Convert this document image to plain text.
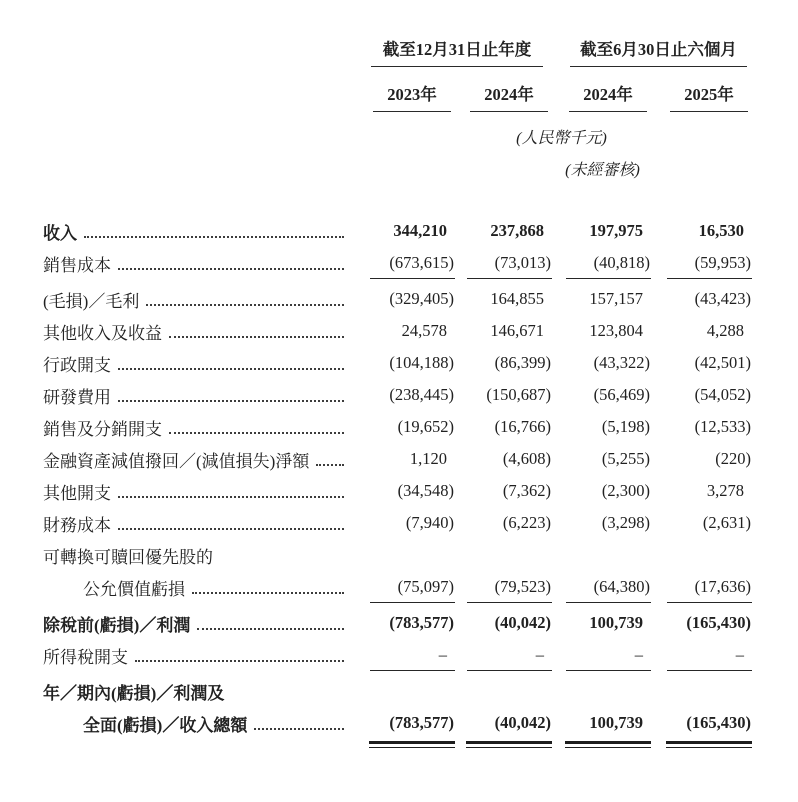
截至12月31日止年度	截至6月30日止六個月
2023年	2024年	2024年	2025年
(人民幣千元)
(未經審核)
收入	344,210	237,868	197,975	16,530
銷售成本	(673,615)	(73,013)	(40,818)	(59,953)
(毛損)／毛利	(329,405)	164,855	157,157	(43,423)
其他收入及收益	24,578	146,671	123,804	4,288
行政開支	(104,188)	(86,399)	(43,322)	(42,501)
研發費用	(238,445)	(150,687)	(56,469)	(54,052)
銷售及分銷開支	(19,652)	(16,766)	(5,198)	(12,533)
金融資產減值撥回／(減值損失)淨額	1,120	(4,608)	(5,255)	(220)
其他開支	(34,548)	(7,362)	(2,300)	3,278
財務成本	(7,940)	(6,223)	(3,298)	(2,631)
可轉換可贖回優先股的
公允價值虧損	(75,097)	(79,523)	(64,380)	(17,636)
除稅前(虧損)／利潤	(783,577)	(40,042)	100,739	(165,430)
所得稅開支	–	–	–	–
年／期內(虧損)／利潤及
全面(虧損)／收入總額	(783,577)	(40,042)	100,739	(165,430)
